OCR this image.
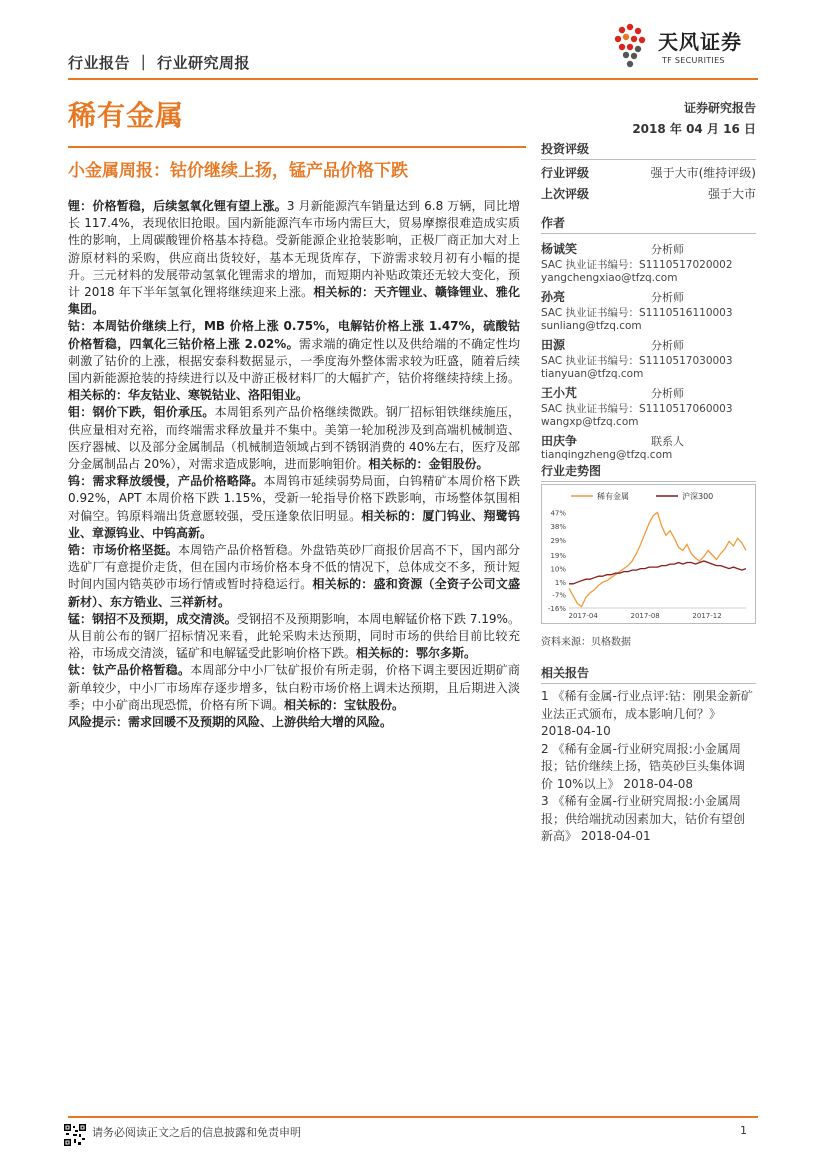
行业报告 ｜ 行业研究周报
天风证券
TF SECURITIES
稀有金属	证券研究报告
2018 年 04 月 16 日
小金属周报：钴价继续上扬，锰产品价格下跌

锂：价格暂稳，后续氢氧化锂有望上涨。3 月新能源汽车销量达到 6.8 万辆，同比增长 117.4%，表现依旧抢眼。国内新能源汽车市场内需巨大，贸易摩擦很难造成实质性的影响，上周碳酸锂价格基本持稳。受新能源企业抢装影响，正极厂商正加大对上游原材料的采购，供应商出货较好，基本无现货库存，下游需求较月初有小幅的提升。三元材料的发展带动氢氧化锂需求的增加，而短期内补贴政策还无较大变化，预计 2018 年下半年氢氧化锂将继续迎来上涨。相关标的：天齐锂业、赣锋锂业、雅化集团。

钴：本周钴价继续上行，MB 价格上涨 0.75%，电解钴价格上涨 1.47%，硫酸钴价格暂稳，四氧化三钴价格上涨 2.02%。需求端的确定性以及供给端的不确定性均刺激了钴价的上涨，根据安泰科数据显示，一季度海外整体需求较为旺盛，随着后续国内新能源抢装的持续进行以及中游正极材料厂的大幅扩产，钴价将继续持续上扬。相关标的：华友钴业、寒锐钴业、洛阳钼业。

钼：钢价下跌，钼价承压。本周钼系列产品价格继续微跌。钢厂招标钼铁继续施压，供应量相对充裕，而终端需求释放量并不集中。美第一轮加税涉及到高端机械制造、医疗器械、以及部分金属制品（机械制造领域占到不锈钢消费的 40%左右，医疗及部分金属制品占 20%），对需求造成影响，进而影响钼价。相关标的：金钼股份。

钨：需求释放缓慢，产品价格略降。本周钨市延续弱势局面，白钨精矿本周价格下跌 0.92%，APT 本周价格下跌 1.15%，受新一轮指导价格下跌影响，市场整体氛围相对偏空。钨原料端出货意愿较强，受压逢象依旧明显。相关标的：厦门钨业、翔鹭钨业、章源钨业、中钨高新。

锆：市场价格坚挺。本周锆产品价格暂稳。外盘锆英砂厂商报价居高不下，国内部分选矿厂有意提价走货，但在国内市场价格本身不低的情况下，总体成交不多，预计短时间内国内锆英砂市场行情或暂时持稳运行。相关标的：盛和资源（全资子公司文盛新材）、东方锆业、三祥新材。

锰：钢招不及预期，成交清淡。受钢招不及预期影响，本周电解锰价格下跌 7.19%。从目前公布的钢厂招标情况来看，此轮采购未达预期，同时市场的供给目前比较充裕，市场成交清淡，锰矿和电解锰受此影响价格下跌。相关标的：鄂尔多斯。

钛：钛产品价格暂稳。本周部分中小厂钛矿报价有所走弱，价格下调主要因近期矿商新单较少，中小厂市场库存逐步增多，钛白粉市场价格上调未达预期，且后期进入淡季；中小矿商出现恐慌，价格有所下调。相关标的：宝钛股份。

风险提示：需求回暖不及预期的风险、上游供给大增的风险。

投资评级
行业评级	强于大市(维持评级)
上次评级	强于大市
作者
杨诚笑	分析师
SAC 执业证书编号：S1110517020002
yangchengxiao@tfzq.com
孙亮	分析师
SAC 执业证书编号：S1110516110003
sunliang@tfzq.com
田源	分析师
SAC 执业证书编号：S1110517030003
tianyuan@tfzq.com
王小芃	分析师
SAC 执业证书编号：S1110517060003
wangxp@tfzq.com
田庆争	联系人
tianqingzheng@tfzq.com
行业走势图
-16%
-7%
1%
10%
19%
29%
38%
47%
2017-04	2017-08	2017-12
稀有金属	沪深300
资料来源：贝格数据
相关报告
1 《稀有金属-行业点评:钴：刚果金新矿业法正式颁布，成本影响几何？》 2018-04-10
2 《稀有金属-行业研究周报:小金属周报；钴价继续上扬，锆英砂巨头集体调价 10%以上》 2018-04-08
3 《稀有金属-行业研究周报:小金属周报；供给端扰动因素加大，钴价有望创新高》 2018-04-01
请务必阅读正文之后的信息披露和免责申明	1
